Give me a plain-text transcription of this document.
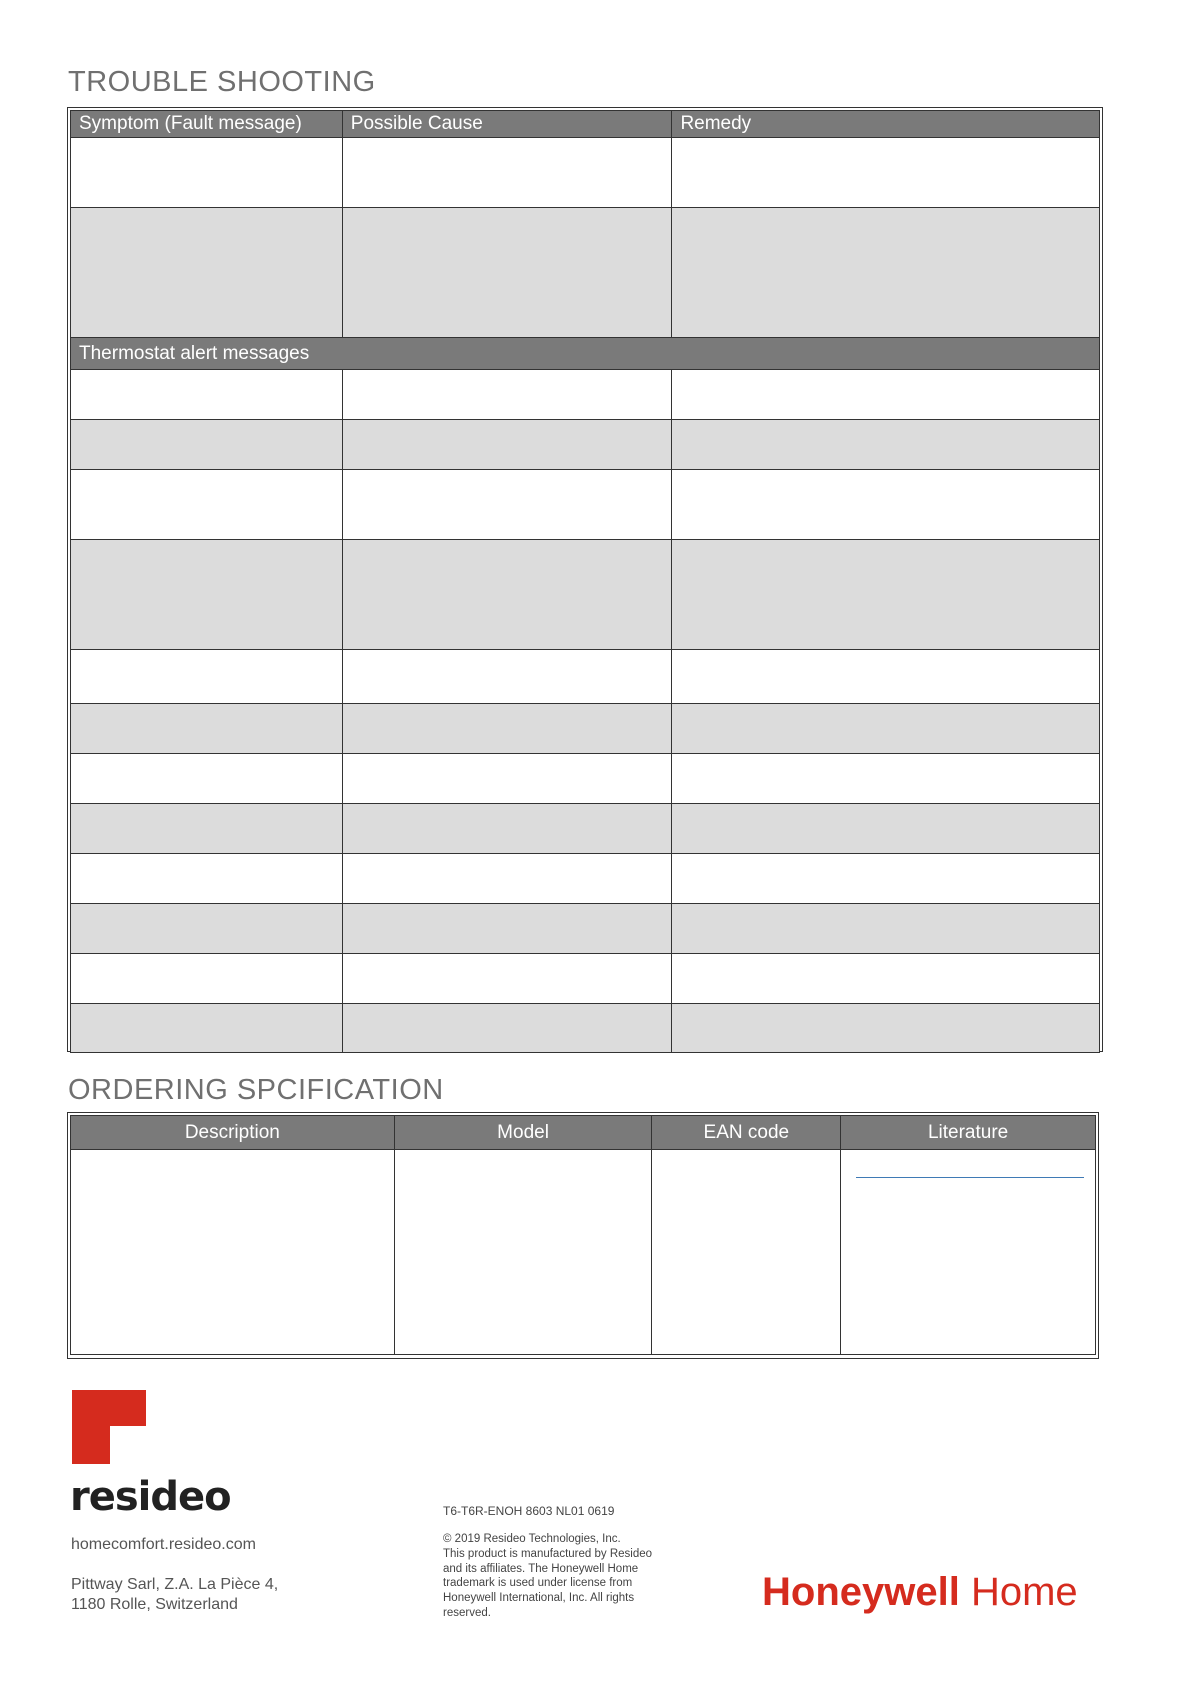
TROUBLE SHOOTING
Symptom (Fault message)	Possible Cause	Remedy

Thermostat alert messages		

ORDERING SPCIFICATION
Description	Model	EAN code	Literature

resideo
homecomfort.resideo.com
Pittway Sarl, Z.A. La Pièce 4,
1180 Rolle, Switzerland
T6-T6R-ENOH 8603 NL01 0619
© 2019 Resideo Technologies, Inc.
This product is manufactured by Resideo
and its affiliates. The Honeywell Home
trademark is used under license from
Honeywell International, Inc. All rights
reserved.	Honeywell Home
